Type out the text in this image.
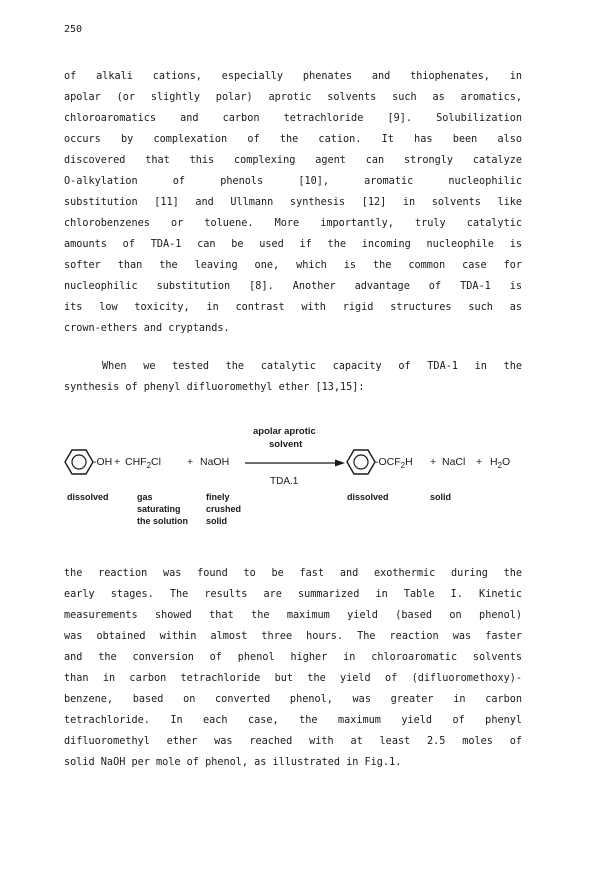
250
of alkali cations, especially phenates and thiophenates, in
apolar (or slightly polar) aprotic solvents such as aromatics,
chloroaromatics and carbon tetrachloride [9]. Solubilization
occurs by complexation of the cation. It has been also
discovered that this complexing agent can strongly catalyze
O-alkylation of phenols [10], aromatic nucleophilic
substitution [11] and Ullmann synthesis [12] in solvents like
chlorobenzenes or toluene. More importantly, truly catalytic
amounts of TDA-1 can be used if the incoming nucleophile is
softer than the leaving one, which is the common case for
nucleophilic substitution [8]. Another advantage of TDA-1 is
its low toxicity, in contrast with rigid structures such as
crown-ethers and cryptands.
When we tested the catalytic capacity of TDA-1 in the
synthesis of phenyl difluoromethyl ether [13,15]:
apolar aprotic
solvent
$-OH + CHF_2Cl$ + NaOH
TDA.1
$-OCF_2H$ + NaCl + $H_2O$
dissolved	gas
saturating
the solution
finely
crushed
solid
dissolved	solid
the reaction was found to be fast and exothermic during the
early stages. The results are summarized in Table I. Kinetic
measurements showed that the maximum yield (based on phenol)
was obtained within almost three hours. The reaction was faster
and the conversion of phenol higher in chloroaromatic solvents
than in carbon tetrachloride but the yield of (difluoromethoxy)-
benzene, based on converted phenol, was greater in carbon
tetrachloride. In each case, the maximum yield of phenyl
difluoromethyl ether was reached with at least 2.5 moles of
solid NaOH per mole of phenol, as illustrated in Fig.1.
